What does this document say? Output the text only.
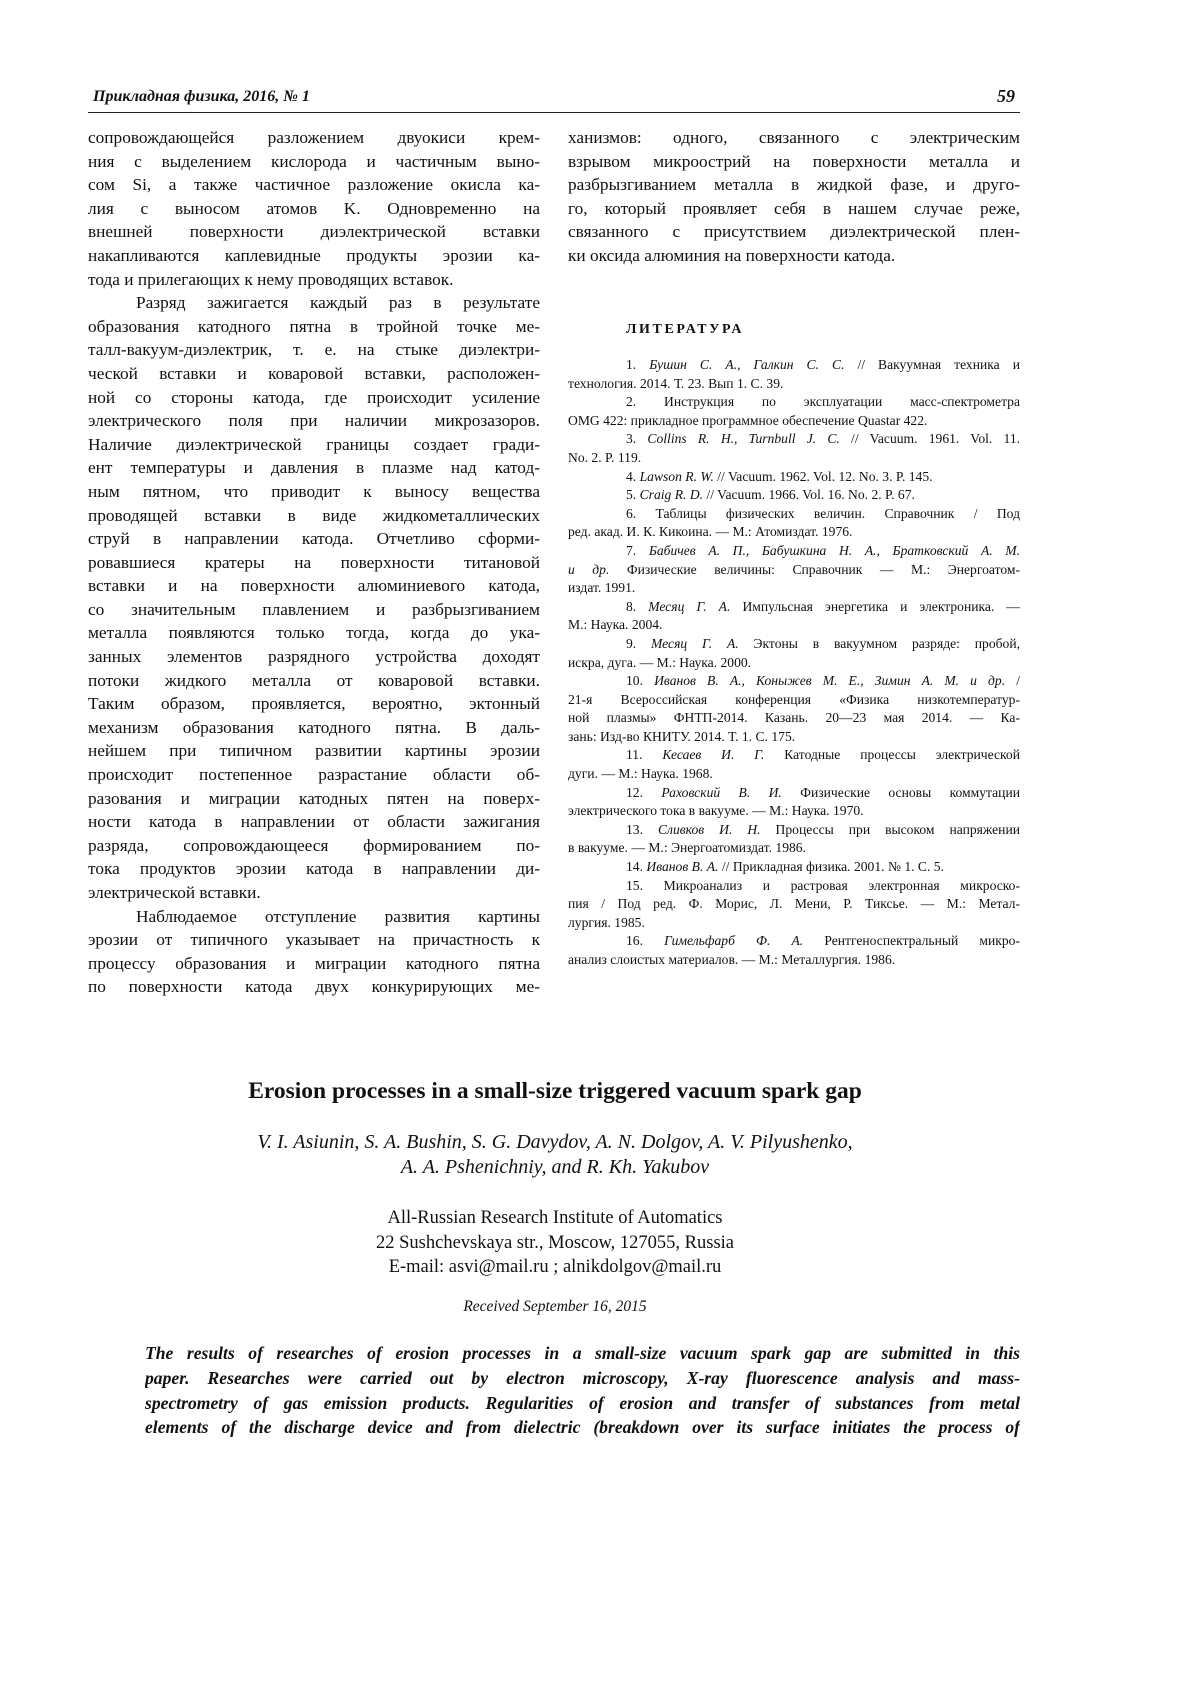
Прикладная физика, 2016, № 1	59
сопровождающейся разложением двуокиси крем-
ния с выделением кислорода и частичным выно-
сом Si, а также частичное разложение окисла ка-
лия с выносом атомов K. Одновременно на
внешней поверхности диэлектрической вставки
накапливаются каплевидные продукты эрозии ка-
тода и прилегающих к нему проводящих вставок.
Разряд зажигается каждый раз в результате
образования катодного пятна в тройной точке ме-
талл-вакуум-диэлектрик, т. е. на стыке диэлектри-
ческой вставки и коваровой вставки, расположен-
ной со стороны катода, где происходит усиление
электрического поля при наличии микрозазоров.
Наличие диэлектрической границы создает гради-
ент температуры и давления в плазме над катод-
ным пятном, что приводит к выносу вещества
проводящей вставки в виде жидкометаллических
струй в направлении катода. Отчетливо сформи-
ровавшиеся кратеры на поверхности титановой
вставки и на поверхности алюминиевого катода,
со значительным плавлением и разбрызгиванием
металла появляются только тогда, когда до ука-
занных элементов разрядного устройства доходят
потоки жидкого металла от коваровой вставки.
Таким образом, проявляется, вероятно, эктонный
механизм образования катодного пятна. В даль-
нейшем при типичном развитии картины эрозии
происходит постепенное разрастание области об-
разования и миграции катодных пятен на поверх-
ности катода в направлении от области зажигания
разряда, сопровождающееся формированием по-
тока продуктов эрозии катода в направлении ди-
электрической вставки.
Наблюдаемое отступление развития картины
эрозии от типичного указывает на причастность к
процессу образования и миграции катодного пятна
по поверхности катода двух конкурирующих ме-
ханизмов: одного, связанного с электрическим
взрывом микроострий на поверхности металла и
разбрызгиванием металла в жидкой фазе, и друго-
го, который проявляет себя в нашем случае реже,
связанного с присутствием диэлектрической плен-
ки оксида алюминия на поверхности катода.
ЛИТЕРАТУРА
1. Бушин С. А., Галкин С. С. // Вакуумная техника и
технология. 2014. Т. 23. Вып 1. С. 39.
2. Инструкция по эксплуатации масс-спектрометра
OMG 422: прикладное программное обеспечение Quastar 422.
3. Collins R. H., Turnbull J. C. // Vacuum. 1961. Vol. 11.
No. 2. P. 119.
4. Lawson R. W. // Vacuum. 1962. Vol. 12. No. 3. P. 145.
5. Craig R. D. // Vacuum. 1966. Vol. 16. No. 2. P. 67.
6. Таблицы физических величин. Справочник / Под
ред. акад. И. К. Кикоина. — М.: Атомиздат. 1976.
7. Бабичев А. П., Бабушкина Н. А., Братковский А. М.
и др. Физические величины: Справочник — М.: Энергоатом-
издат. 1991.
8. Месяц Г. А. Импульсная энергетика и электроника. —
М.: Наука. 2004.
9. Месяц Г. А. Эктоны в вакуумном разряде: пробой,
искра, дуга. — М.: Наука. 2000.
10. Иванов В. А., Коныжев М. Е., Зимин А. М. и др. /
21-я Всероссийская конференция «Физика низкотемператур-
ной плазмы» ФНТП-2014. Казань. 20—23 мая 2014. — Ка-
зань: Изд-во КНИТУ. 2014. Т. 1. С. 175.
11. Кесаев И. Г. Катодные процессы электрической
дуги. — М.: Наука. 1968.
12. Раховский В. И. Физические основы коммутации
электрического тока в вакууме. — М.: Наука. 1970.
13. Сливков И. Н. Процессы при высоком напряжении
в вакууме. — М.: Энергоатомиздат. 1986.
14. Иванов В. А. // Прикладная физика. 2001. № 1. С. 5.
15. Микроанализ и растровая электронная микроско-
пия / Под ред. Ф. Морис, Л. Мени, Р. Тиксье. — М.: Метал-
лургия. 1985.
16. Гимельфарб Ф. А. Рентгеноспектральный микро-
анализ слоистых материалов. — М.: Металлургия. 1986.
Erosion processes in a small-size triggered vacuum spark gap
V. I. Asiunin, S. A. Bushin, S. G. Davydov, A. N. Dolgov, A. V. Pilyushenko,
A. A. Pshenichniy, and R. Kh. Yakubov
All-Russian Research Institute of Automatics
22 Sushchevskaya str., Moscow, 127055, Russia
E-mail: asvi@mail.ru ; alnikdolgov@mail.ru
Received September 16, 2015
The results of researches of erosion processes in a small-size vacuum spark gap are submitted in this
paper. Researches were carried out by electron microscopy, X-ray fluorescence analysis and mass-
spectrometry of gas emission products. Regularities of erosion and transfer of substances from metal
elements of the discharge device and from dielectric (breakdown over its surface initiates the process of
